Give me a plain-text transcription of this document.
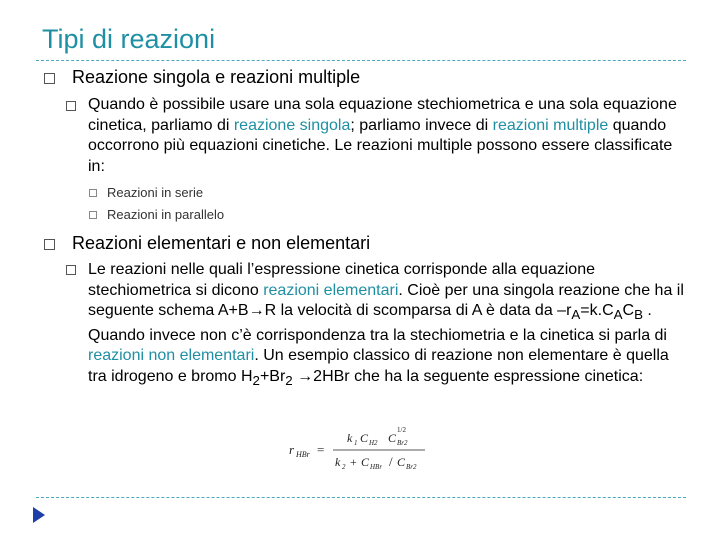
Tipi di reazioni
Reazione singola e reazioni multiple
Quando è possibile usare una sola equazione stechiometrica e una sola equazione cinetica, parliamo di reazione singola; parliamo invece di reazioni multiple quando occorrono più equazioni cinetiche. Le reazioni multiple possono essere classificate in:
Reazioni in serie
Reazioni in parallelo
Reazioni elementari e non elementari
Le reazioni nelle quali l’espressione cinetica corrisponde alla equazione stechiometrica si dicono reazioni elementari. Cioè per una singola reazione che ha il seguente schema A+B→R la velocità di scomparsa di A è data da $-r_A=k.C_AC_B$ . Quando invece non c’è corrispondenza tra la stechiometria e la cinetica si parla di reazioni non elementari. Un esempio classico di reazione non elementare è quella tra idrogeno e bromo $H_2+Br_2 \to 2HBr$ che ha la seguente espressione cinetica:
r HBr =
k 1 C H2 C
1/2
Br2
k 2 + C HBr / C Br2
